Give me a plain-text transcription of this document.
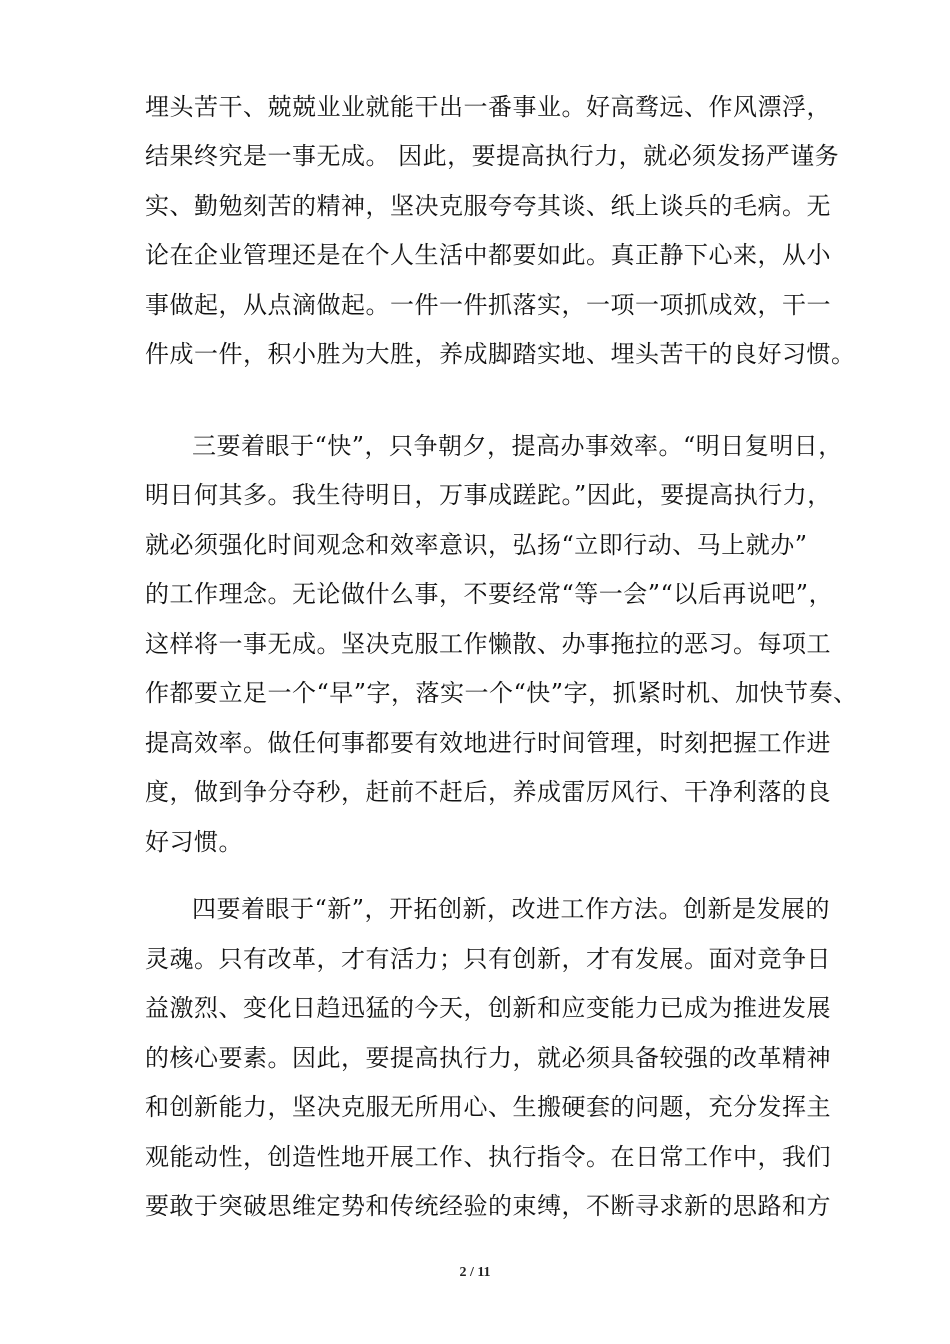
埋头苦干、兢兢业业就能干出一番事业。好高骛远、作风漂浮，
结果终究是一事无成。 因此，要提高执行力，就必须发扬严谨务
实、勤勉刻苦的精神，坚决克服夸夸其谈、纸上谈兵的毛病。无
论在企业管理还是在个人生活中都要如此。真正静下心来，从小
事做起，从点滴做起。一件一件抓落实，一项一项抓成效，干一
件成一件，积小胜为大胜，养成脚踏实地、埋头苦干的良好习惯。
三要着眼于“快”，只争朝夕，提高办事效率。“明日复明日，
明日何其多。我生待明日，万事成蹉跎。”因此，要提高执行力，
就必须强化时间观念和效率意识，弘扬“立即行动、马上就办”
的工作理念。无论做什么事，不要经常“等一会”“以后再说吧”，
这样将一事无成。坚决克服工作懒散、办事拖拉的恶习。每项工
作都要立足一个“早”字，落实一个“快”字，抓紧时机、加快节奏、
提高效率。做任何事都要有效地进行时间管理，时刻把握工作进
度，做到争分夺秒，赶前不赶后，养成雷厉风行、干净利落的良
好习惯。
四要着眼于“新”，开拓创新，改进工作方法。创新是发展的
灵魂。只有改革，才有活力；只有创新，才有发展。面对竞争日
益激烈、变化日趋迅猛的今天，创新和应变能力已成为推进发展
的核心要素。因此，要提高执行力，就必须具备较强的改革精神
和创新能力，坚决克服无所用心、生搬硬套的问题，充分发挥主
观能动性，创造性地开展工作、执行指令。在日常工作中，我们
要敢于突破思维定势和传统经验的束缚，不断寻求新的思路和方
2 / 11
